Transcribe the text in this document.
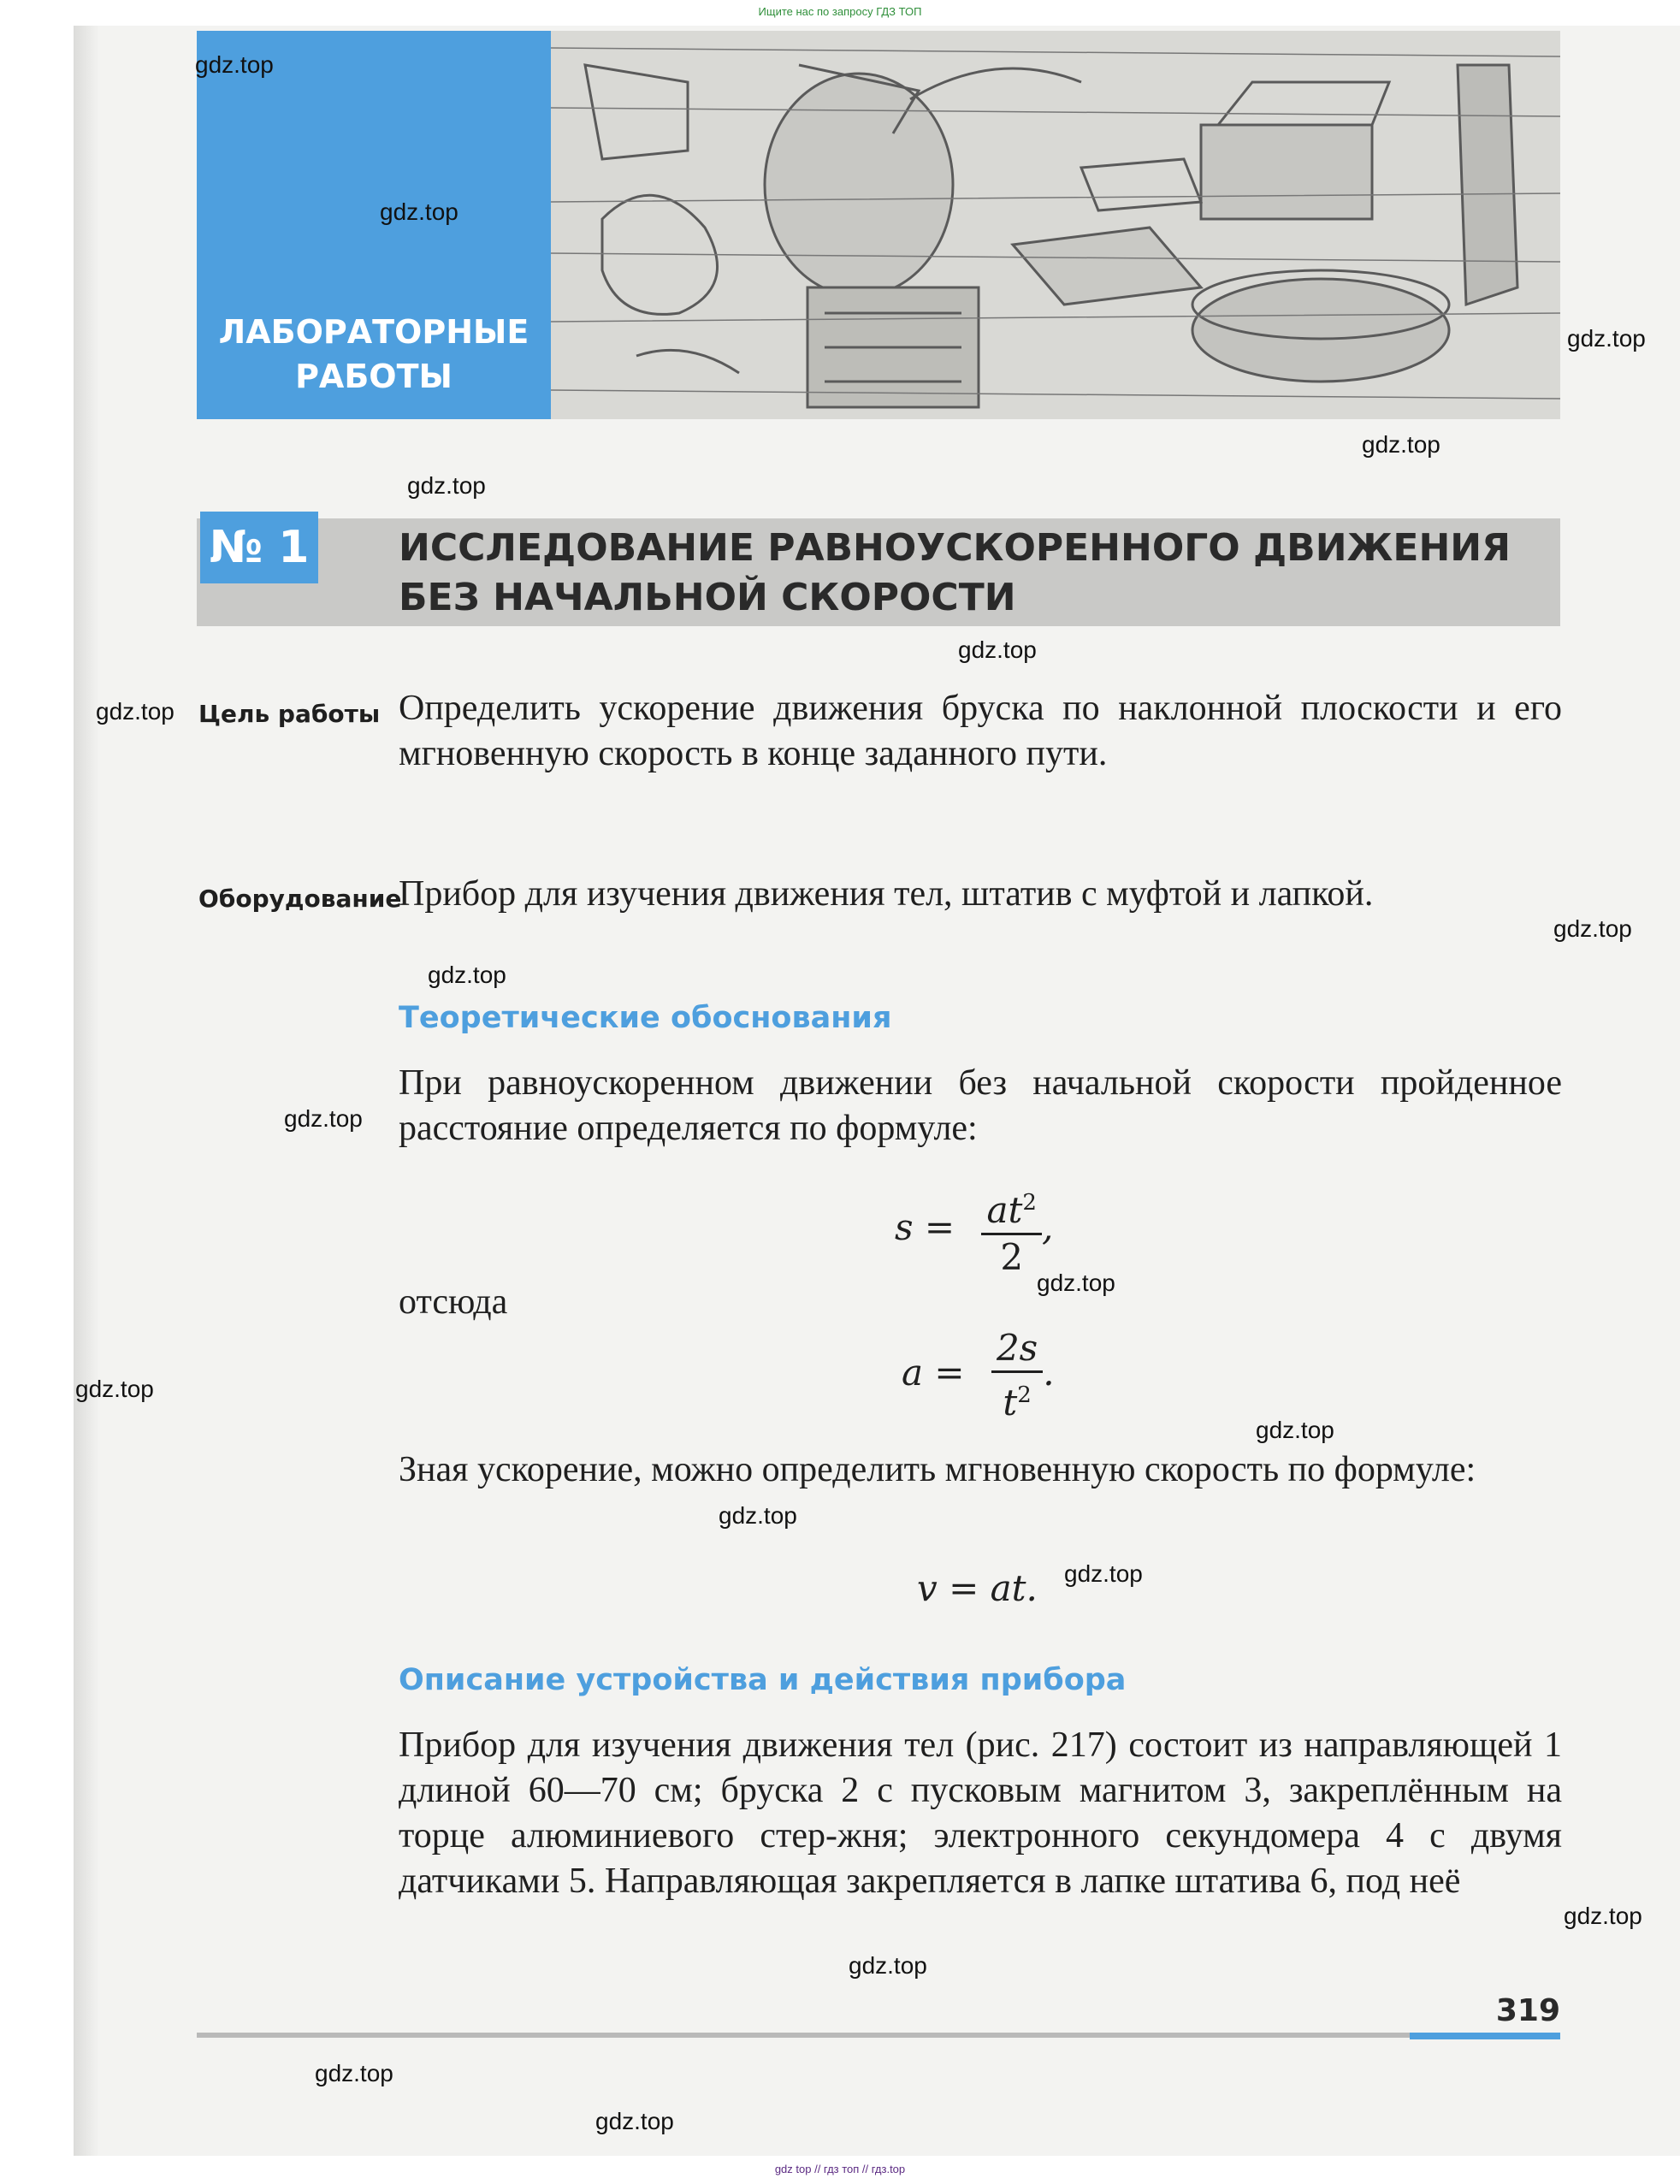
Ищите нас по запросу ГДЗ ТОП
ЛАБОРАТОРНЫЕ
РАБОТЫ
№ 1 ИССЛЕДОВАНИЕ РАВНОУСКОРЕННОГО ДВИЖЕНИЯ
БЕЗ НАЧАЛЬНОЙ СКОРОСТИ
Цель работы Определить ускорение движения бруска по наклонной плоскости и его мгновенную скорость в конце заданного пути.
Оборудование
Прибор для изучения движения тел, штатив с муфтой и лапкой.
Теоретические обоснования
При равноускоренном движении без начальной скорости пройденное расстояние определяется по формуле:
$s = \frac{at^2}{2}$ ,
отсюда
$a = \frac{2s}{t^2}$ .
Зная ускорение, можно определить мгновенную скорость по формуле:
v = at.
Описание устройства и действия прибора
Прибор для изучения движения тел (рис. 217) состоит из направляющей 1 длиной 60—70 см; бруска 2 с пусковым магнитом 3, закреплённым на торце алюминиевого стер-жня; электронного секундомера 4 с двумя датчиками 5. Направляющая закрепляется в лапке штатива 6, под неё
319
gdz.top
gdz.top
gdz.top
gdz.top
gdz.top
gdz.top
gdz.top
gdz.top
gdz.top
gdz.top
gdz.top
gdz.top
gdz.top
gdz.top
gdz.top
gdz.top
gdz.top
gdz.top
gdz.top
gdz top // гдз топ // гдз.top
